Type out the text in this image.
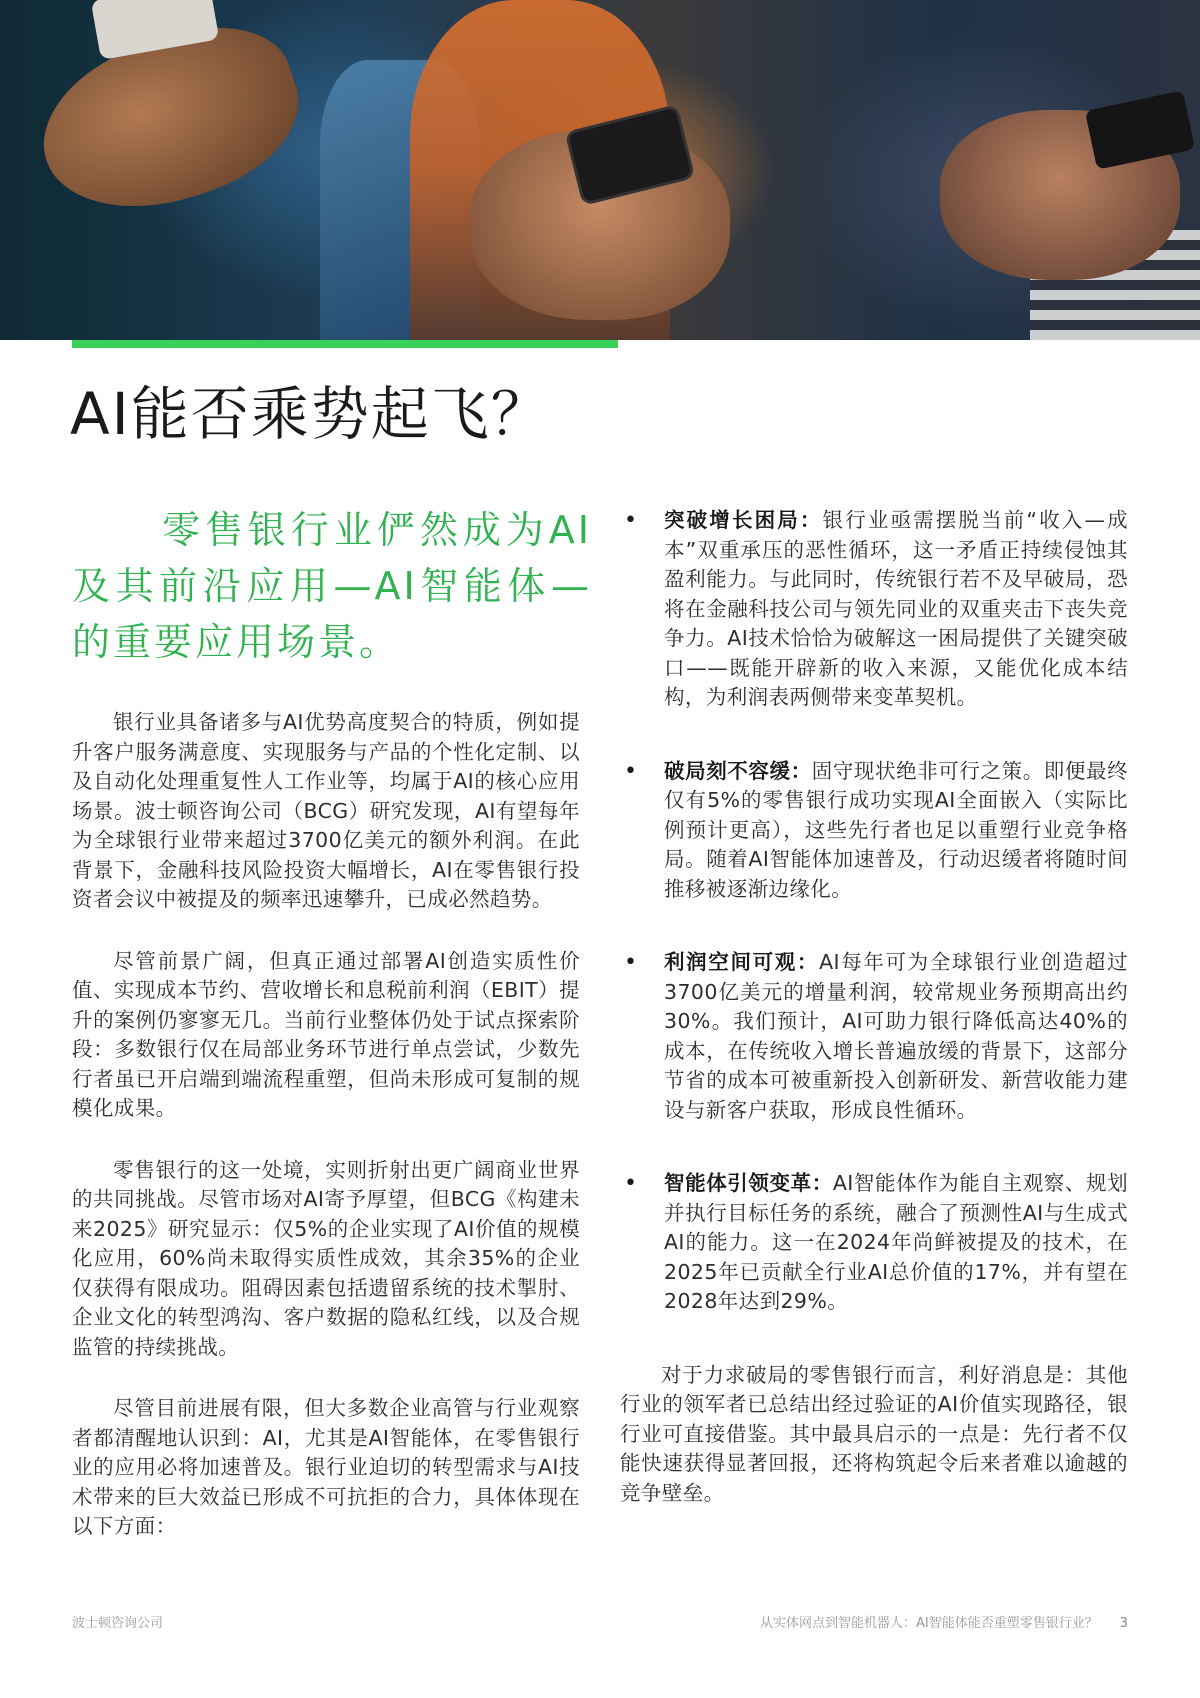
AI能否乘势起飞？

零售银行业俨然成为AI及其前沿应用—AI智能体—的重要应用场景。

银行业具备诸多与AI优势高度契合的特质，例如提升客户服务满意度、实现服务与产品的个性化定制、以及自动化处理重复性人工作业等，均属于AI的核心应用场景。波士顿咨询公司（BCG）研究发现，AI有望每年为全球银行业带来超过3700亿美元的额外利润。在此背景下，金融科技风险投资大幅增长，AI在零售银行投资者会议中被提及的频率迅速攀升，已成必然趋势。

尽管前景广阔，但真正通过部署AI创造实质性价值、实现成本节约、营收增长和息税前利润（EBIT）提升的案例仍寥寥无几。当前行业整体仍处于试点探索阶段：多数银行仅在局部业务环节进行单点尝试，少数先行者虽已开启端到端流程重塑，但尚未形成可复制的规模化成果。

零售银行的这一处境，实则折射出更广阔商业世界的共同挑战。尽管市场对AI寄予厚望，但BCG《构建未来2025》研究显示：仅5%的企业实现了AI价值的规模化应用，60%尚未取得实质性成效，其余35%的企业仅获得有限成功。阻碍因素包括遗留系统的技术掣肘、企业文化的转型鸿沟、客户数据的隐私红线，以及合规监管的持续挑战。

尽管目前进展有限，但大多数企业高管与行业观察者都清醒地认识到：AI，尤其是AI智能体，在零售银行业的应用必将加速普及。银行业迫切的转型需求与AI技术带来的巨大效益已形成不可抗拒的合力，具体体现在以下方面：

• 突破增长困局：银行业亟需摆脱当前“收入—成本”双重承压的恶性循环，这一矛盾正持续侵蚀其盈利能力。与此同时，传统银行若不及早破局，恐将在金融科技公司与领先同业的双重夹击下丧失竞争力。AI技术恰恰为破解这一困局提供了关键突破口——既能开辟新的收入来源，又能优化成本结构，为利润表两侧带来变革契机。
• 破局刻不容缓：固守现状绝非可行之策。即便最终仅有5%的零售银行成功实现AI全面嵌入（实际比例预计更高），这些先行者也足以重塑行业竞争格局。随着AI智能体加速普及，行动迟缓者将随时间推移被逐渐边缘化。
• 利润空间可观：AI每年可为全球银行业创造超过3700亿美元的增量利润，较常规业务预期高出约30%。我们预计，AI可助力银行降低高达40%的成本，在传统收入增长普遍放缓的背景下，这部分节省的成本可被重新投入创新研发、新营收能力建设与新客户获取，形成良性循环。
• 智能体引领变革：AI智能体作为能自主观察、规划并执行目标任务的系统，融合了预测性AI与生成式AI的能力。这一在2024年尚鲜被提及的技术，在2025年已贡献全行业AI总价值的17%，并有望在2028年达到29%。

对于力求破局的零售银行而言，利好消息是：其他行业的领军者已总结出经过验证的AI价值实现路径，银行业可直接借鉴。其中最具启示的一点是：先行者不仅能快速获得显著回报，还将构筑起令后来者难以逾越的竞争壁垒。

波士顿咨询公司	从实体网点到智能机器人：AI智能体能否重塑零售银行业？ 3
